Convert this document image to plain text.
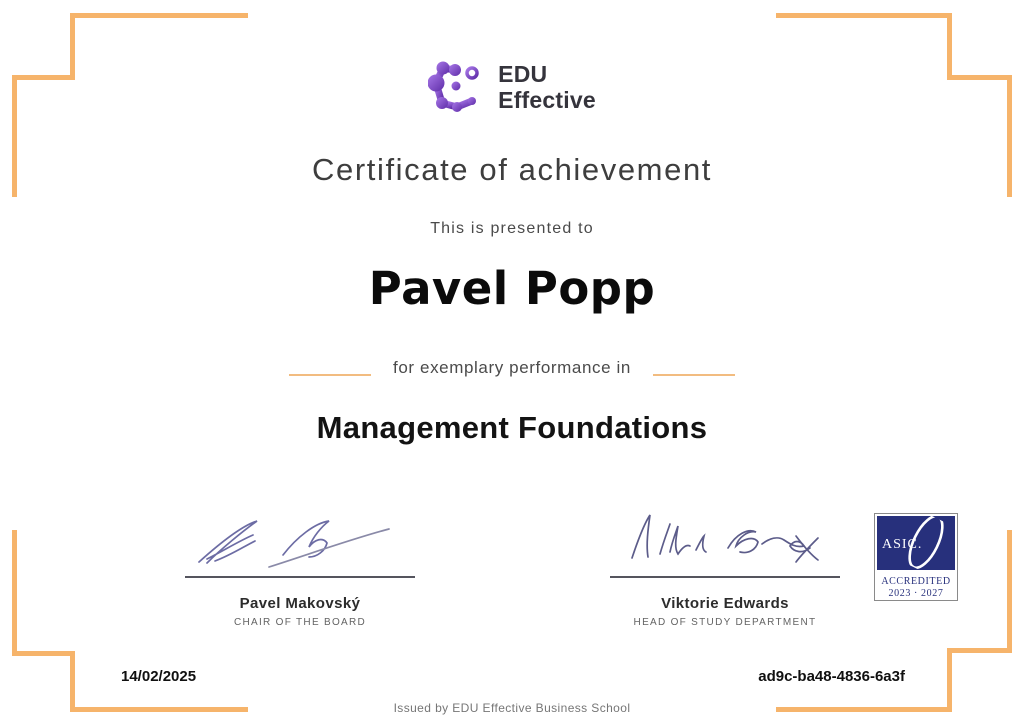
EDU
Effective
Certificate of achievement
This is presented to
Pavel Popp
for exemplary performance in
Management Foundations
Pavel Makovský
CHAIR OF THE BOARD
Viktorie Edwards
HEAD OF STUDY DEPARTMENT
ASIC.
ACCREDITED
2023 · 2027
14/02/2025	ad9c-ba48-4836-6a3f
Issued by EDU Effective Business School
